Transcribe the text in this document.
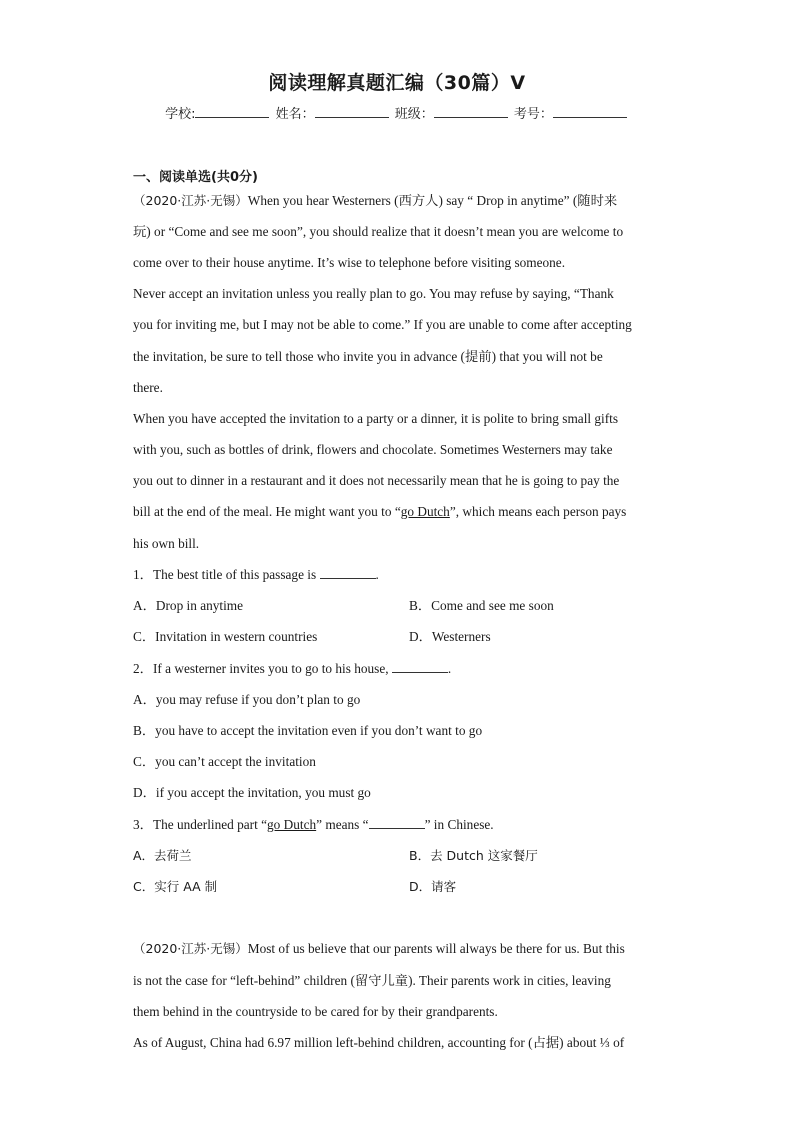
阅读理解真题汇编（30篇）V
学校:	姓名：	班级：	考号：
一、阅读单选(共0分)
（2020·江苏·无锡）When you hear Westerners (西方人) say “ Drop in anytime” (随时来
玩) or “Come and see me soon”, you should realize that it doesn’t mean you are welcome to
come over to their house anytime. It’s wise to telephone before visiting someone.
Never accept an invitation unless you really plan to go. You may refuse by saying, “Thank
you for inviting me, but I may not be able to come.” If you are unable to come after accepting
the invitation, be sure to tell those who invite you in advance (提前) that you will not be
there.
When you have accepted the invitation to a party or a dinner, it is polite to bring small gifts
with you, such as bottles of drink, flowers and chocolate. Sometimes Westerners may take
you out to dinner in a restaurant and it does not necessarily mean that he is going to pay the
bill at the end of the meal. He might want you to “go Dutch”, which means each person pays
his own bill.
1．The best title of this passage is	.
A．Drop in anytime	B．Come and see me soon
C．Invitation in western countries	D．Westerners
2．If a westerner invites you to go to his house,	.
A．you may refuse if you don’t plan to go
B．you have to accept the invitation even if you don’t want to go
C．you can’t accept the invitation
D．if you accept the invitation, you must go
3．The underlined part “go Dutch” means “	” in Chinese.
A．去荷兰	B．去 Dutch 这家餐厅
C．实行 AA 制	D．请客
（2020·江苏·无锡）Most of us believe that our parents will always be there for us. But this
is not the case for “left-behind” children (留守儿童). Their parents work in cities, leaving
them behind in the countryside to be cared for by their grandparents.
As of August, China had 6.97 million left-behind children, accounting for (占据) about ⅓ of
